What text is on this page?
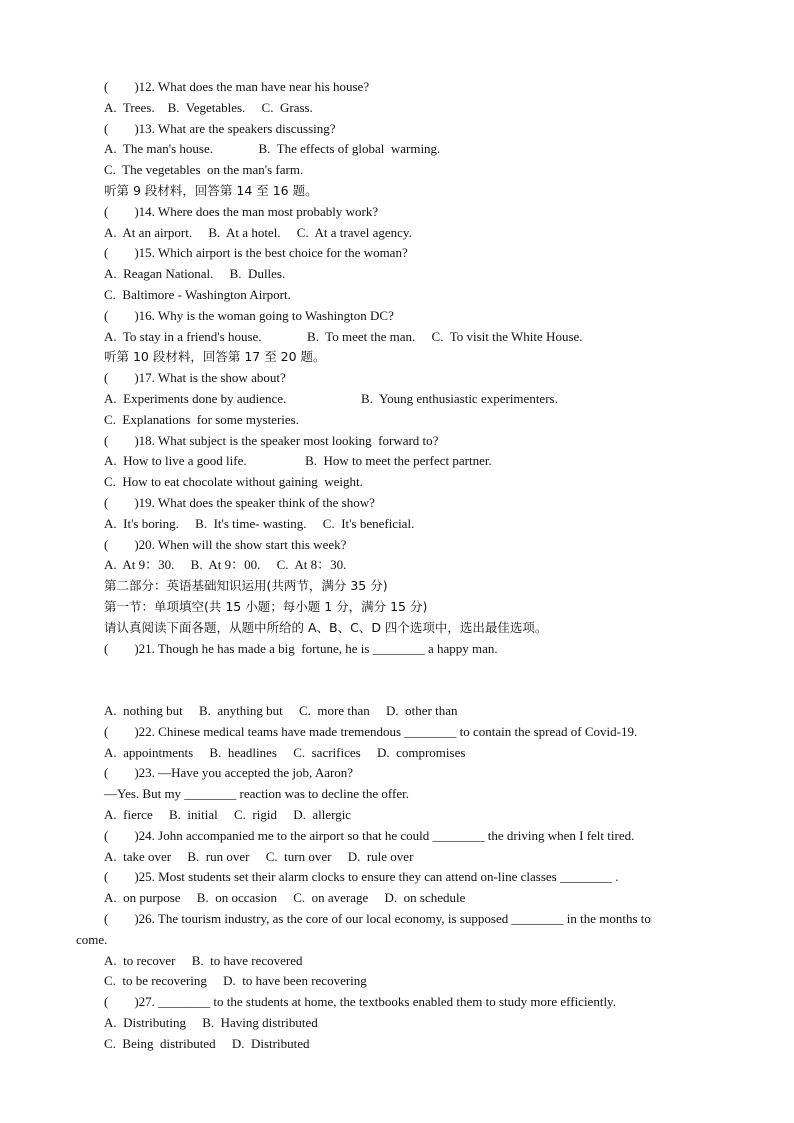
(        )12. What does the man have near his house?
A.  Trees.    B.  Vegetables.     C.  Grass.
(        )13. What are the speakers discussing?
A.  The man's house.              B.  The effects of global  warming.
C.  The vegetables  on the man's farm.
听第 9 段材料，回答第 14 至 16 题。
(        )14. Where does the man most probably work?
A.  At an airport.     B.  At a hotel.     C.  At a travel agency.
(        )15. Which airport is the best choice for the woman?
A.  Reagan National.     B.  Dulles.
C.  Baltimore - Washington Airport.
(        )16. Why is the woman going to Washington DC?
A.  To stay in a friend's house.              B.  To meet the man.     C.  To visit the White House.
听第 10 段材料，回答第 17 至 20 题。
(        )17. What is the show about?
A.  Experiments done by audience.                       B.  Young enthusiastic experimenters.
C.  Explanations  for some mysteries.
(        )18. What subject is the speaker most looking  forward to?
A.  How to live a good life.                  B.  How to meet the perfect partner.
C.  How to eat chocolate without gaining  weight.
(        )19. What does the speaker think of the show?
A.  It's boring.     B.  It's time- wasting.     C.  It's beneficial.
(        )20. When will the show start this week?
A.  At 9：30.     B.  At 9：00.     C.  At 8：30.
第二部分：英语基础知识运用(共两节，满分 35 分)
第一节：单项填空(共 15 小题；每小题 1 分，满分 15 分)
请认真阅读下面各题，从题中所给的 A、B、C、D 四个选项中，选出最佳选项。
(        )21. Though he has made a big  fortune, he is ________ a happy man.
A.  nothing but     B.  anything but     C.  more than     D.  other than
(        )22. Chinese medical teams have made tremendous ________ to contain the spread of Covid-19.
A.  appointments     B.  headlines     C.  sacrifices     D.  compromises
(        )23. —Have you accepted the job, Aaron?
—Yes. But my ________ reaction was to decline the offer.
A.  fierce     B.  initial     C.  rigid     D.  allergic
(        )24. John accompanied me to the airport so that he could ________ the driving when I felt tired.
A.  take over     B.  run over     C.  turn over     D.  rule over
(        )25. Most students set their alarm clocks to ensure they can attend on-line classes ________ .
A.  on purpose     B.  on occasion     C.  on average     D.  on schedule
(        )26. The tourism industry, as the core of our local economy, is supposed ________ in the months to
come.
A.  to recover     B.  to have recovered
C.  to be recovering     D.  to have been recovering
(        )27. ________ to the students at home, the textbooks enabled them to study more efficiently.
A.  Distributing     B.  Having distributed
C.  Being  distributed     D.  Distributed
